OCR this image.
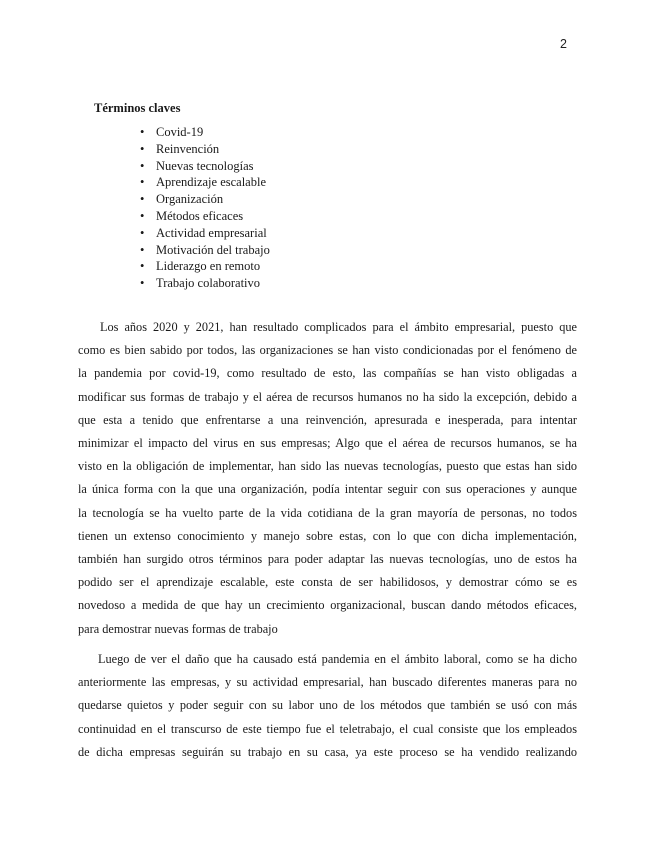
2
Términos claves
• Covid-19
• Reinvención
• Nuevas tecnologías
• Aprendizaje escalable
• Organización
• Métodos eficaces
• Actividad empresarial
• Motivación del trabajo
• Liderazgo en remoto
• Trabajo colaborativo
Los años 2020 y 2021, han resultado complicados para el ámbito empresarial, puesto que
como es bien sabido por todos, las organizaciones se han visto condicionadas por el fenómeno de
la pandemia por covid-19, como resultado de esto, las compañías se han visto obligadas a
modificar sus formas de trabajo y el aérea de recursos humanos no ha sido la excepción, debido a
que esta a tenido que enfrentarse a una reinvención, apresurada e inesperada, para intentar
minimizar el impacto del virus en sus empresas; Algo que el aérea de recursos humanos, se ha
visto en la obligación de implementar, han sido las nuevas tecnologías, puesto que estas han sido
la única forma con la que una organización, podía intentar seguir con sus operaciones y aunque
la tecnología se ha vuelto parte de la vida cotidiana de la gran mayoría de personas, no todos
tienen un extenso conocimiento y manejo sobre estas, con lo que con dicha implementación,
también han surgido otros términos para poder adaptar las nuevas tecnologías, uno de estos ha
podido ser el aprendizaje escalable, este consta de ser habilidosos, y demostrar cómo se es
novedoso a medida de que hay un crecimiento organizacional, buscan dando métodos eficaces,
para demostrar nuevas formas de trabajo
Luego de ver el daño que ha causado está pandemia en el ámbito laboral, como se ha dicho
anteriormente las empresas, y su actividad empresarial, han buscado diferentes maneras para no
quedarse quietos y poder seguir con su labor uno de los métodos que también se usó con más
continuidad en el transcurso de este tiempo fue el teletrabajo, el cual consiste que los empleados
de dicha empresas seguirán su trabajo en su casa, ya este proceso se ha vendido realizando
